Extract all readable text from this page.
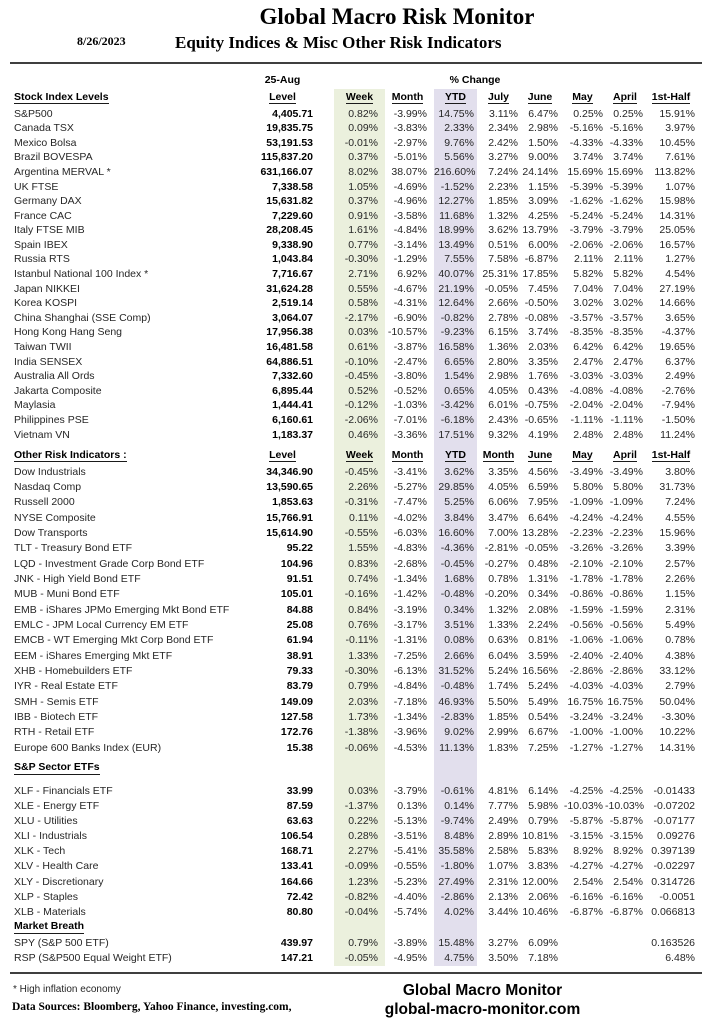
8/26/2023
Global Macro Risk Monitor
Equity Indices & Misc Other Risk Indicators
	25-Aug				% Change						
Stock Index Levels	Level		Week	Month		YTD	July	June	May	April	1st-Half
S&P500	4,405.71		0.82%	-3.99%		14.75%	3.11%	6.47%	0.25%	0.25%	15.91%
Canada TSX	19,835.75		0.09%	-3.83%		2.33%	2.34%	2.98%	-5.16%	-5.16%	3.97%
Mexico Bolsa	53,191.53		-0.01%	-2.97%		9.76%	2.42%	1.50%	-4.33%	-4.33%	10.45%
Brazil BOVESPA	115,837.20		0.37%	-5.01%		5.56%	3.27%	9.00%	3.74%	3.74%	7.61%
Argentina MERVAL *	631,166.07		8.02%	38.07%		216.60%	7.24%	24.14%	15.69%	15.69%	113.82%
UK FTSE	7,338.58		1.05%	-4.69%		-1.52%	2.23%	1.15%	-5.39%	-5.39%	1.07%
Germany DAX	15,631.82		0.37%	-4.96%		12.27%	1.85%	3.09%	-1.62%	-1.62%	15.98%
France CAC	7,229.60		0.91%	-3.58%		11.68%	1.32%	4.25%	-5.24%	-5.24%	14.31%
Italy FTSE MIB	28,208.45		1.61%	-4.84%		18.99%	3.62%	13.79%	-3.79%	-3.79%	25.05%
Spain IBEX	9,338.90		0.77%	-3.14%		13.49%	0.51%	6.00%	-2.06%	-2.06%	16.57%
Russia RTS	1,043.84		-0.30%	-1.29%		7.55%	7.58%	-6.87%	2.11%	2.11%	1.27%
Istanbul National 100 Index *	7,716.67		2.71%	6.92%		40.07%	25.31%	17.85%	5.82%	5.82%	4.54%
Japan NIKKEI	31,624.28		0.55%	-4.67%		21.19%	-0.05%	7.45%	7.04%	7.04%	27.19%
Korea KOSPI	2,519.14		0.58%	-4.31%		12.64%	2.66%	-0.50%	3.02%	3.02%	14.66%
China Shanghai (SSE Comp)	3,064.07		-2.17%	-6.90%		-0.82%	2.78%	-0.08%	-3.57%	-3.57%	3.65%
Hong Kong Hang Seng	17,956.38		0.03%	-10.57%		-9.23%	6.15%	3.74%	-8.35%	-8.35%	-4.37%
Taiwan TWII	16,481.58		0.61%	-3.87%		16.58%	1.36%	2.03%	6.42%	6.42%	19.65%
India SENSEX	64,886.51		-0.10%	-2.47%		6.65%	2.80%	3.35%	2.47%	2.47%	6.37%
Australia All Ords	7,332.60		-0.45%	-3.80%		1.54%	2.98%	1.76%	-3.03%	-3.03%	2.49%
Jakarta Composite	6,895.44		0.52%	-0.52%		0.65%	4.05%	0.43%	-4.08%	-4.08%	-2.76%
Maylasia	1,444.41		-0.12%	-1.03%		-3.42%	6.01%	-0.75%	-2.04%	-2.04%	-7.94%
Philippines PSE	6,160.61		-2.06%	-7.01%		-6.18%	2.43%	-0.65%	-1.11%	-1.11%	-1.50%
Vietnam VN	1,183.37		0.46%	-3.36%		17.51%	9.32%	4.19%	2.48%	2.48%	11.24%
Other Risk Indicators :	Level		Week	Month		YTD	Month	June	May	April	1st-Half
Dow Industrials	34,346.90		-0.45%	-3.41%		3.62%	3.35%	4.56%	-3.49%	-3.49%	3.80%
Nasdaq Comp	13,590.65		2.26%	-5.27%		29.85%	4.05%	6.59%	5.80%	5.80%	31.73%
Russell 2000	1,853.63		-0.31%	-7.47%		5.25%	6.06%	7.95%	-1.09%	-1.09%	7.24%
NYSE Composite	15,766.91		0.11%	-4.02%		3.84%	3.47%	6.64%	-4.24%	-4.24%	4.55%
Dow Transports	15,614.90		-0.55%	-6.03%		16.60%	7.00%	13.28%	-2.23%	-2.23%	15.96%
TLT - Treasury Bond ETF	95.22		1.55%	-4.83%		-4.36%	-2.81%	-0.05%	-3.26%	-3.26%	3.39%
LQD - Investment Grade Corp Bond ETF	104.96		0.83%	-2.68%		-0.45%	-0.27%	0.48%	-2.10%	-2.10%	2.57%
JNK - High Yield Bond ETF	91.51		0.74%	-1.34%		1.68%	0.78%	1.31%	-1.78%	-1.78%	2.26%
MUB - Muni Bond ETF	105.01		-0.16%	-1.42%		-0.48%	-0.20%	0.34%	-0.86%	-0.86%	1.15%
EMB - iShares JPMo Emerging Mkt Bond ETF	84.88		0.84%	-3.19%		0.34%	1.32%	2.08%	-1.59%	-1.59%	2.31%
EMLC - JPM Local Currency EM ETF	25.08		0.76%	-3.17%		3.51%	1.33%	2.24%	-0.56%	-0.56%	5.49%
EMCB - WT Emerging Mkt Corp Bond ETF	61.94		-0.11%	-1.31%		0.08%	0.63%	0.81%	-1.06%	-1.06%	0.78%
EEM - iShares Emerging Mkt ETF	38.91		1.33%	-7.25%		2.66%	6.04%	3.59%	-2.40%	-2.40%	4.38%
XHB - Homebuilders ETF	79.33		-0.30%	-6.13%		31.52%	5.24%	16.56%	-2.86%	-2.86%	33.12%
IYR - Real Estate ETF	83.79		0.79%	-4.84%		-0.48%	1.74%	5.24%	-4.03%	-4.03%	2.79%
SMH - Semis ETF	149.09		2.03%	-7.18%		46.93%	5.50%	5.49%	16.75%	16.75%	50.04%
IBB - Biotech ETF	127.58		1.73%	-1.34%		-2.83%	1.85%	0.54%	-3.24%	-3.24%	-3.30%
RTH - Retail ETF	172.76		-1.38%	-3.96%		9.02%	2.99%	6.67%	-1.00%	-1.00%	10.22%
Europe 600 Banks Index (EUR)	15.38		-0.06%	-4.53%		11.13%	1.83%	7.25%	-1.27%	-1.27%	14.31%
S&P Sector ETFs											

XLF - Financials ETF	33.99		0.03%	-3.79%		-0.61%	4.81%	6.14%	-4.25%	-4.25%	-0.01433
XLE - Energy ETF	87.59		-1.37%	0.13%		0.14%	7.77%	5.98%	-10.03%	-10.03%	-0.07202
XLU - Utilities	63.63		0.22%	-5.13%		-9.74%	2.49%	0.79%	-5.87%	-5.87%	-0.07177
XLI - Industrials	106.54		0.28%	-3.51%		8.48%	2.89%	10.81%	-3.15%	-3.15%	0.09276
XLK - Tech	168.71		2.27%	-5.41%		35.58%	2.58%	5.83%	8.92%	8.92%	0.397139
XLV - Health Care	133.41		-0.09%	-0.55%		-1.80%	1.07%	3.83%	-4.27%	-4.27%	-0.02297
XLY - Discretionary	164.66		1.23%	-5.23%		27.49%	2.31%	12.00%	2.54%	2.54%	0.314726
XLP - Staples	72.42		-0.82%	-4.40%		-2.86%	2.13%	2.06%	-6.16%	-6.16%	-0.0051
XLB - Materials	80.80		-0.04%	-5.74%		4.02%	3.44%	10.46%	-6.87%	-6.87%	0.066813
Market Breath											
SPY (S&P 500 ETF)	439.97		0.79%	-3.89%		15.48%	3.27%	6.09%			0.163526
RSP (S&P500 Equal Weight ETF)	147.21		-0.05%	-4.95%		4.75%	3.50%	7.18%			6.48%
* High inflation economy
Data Sources: Bloomberg, Yahoo Finance, investing.com,
Global Macro Monitor
global-macro-monitor.com
